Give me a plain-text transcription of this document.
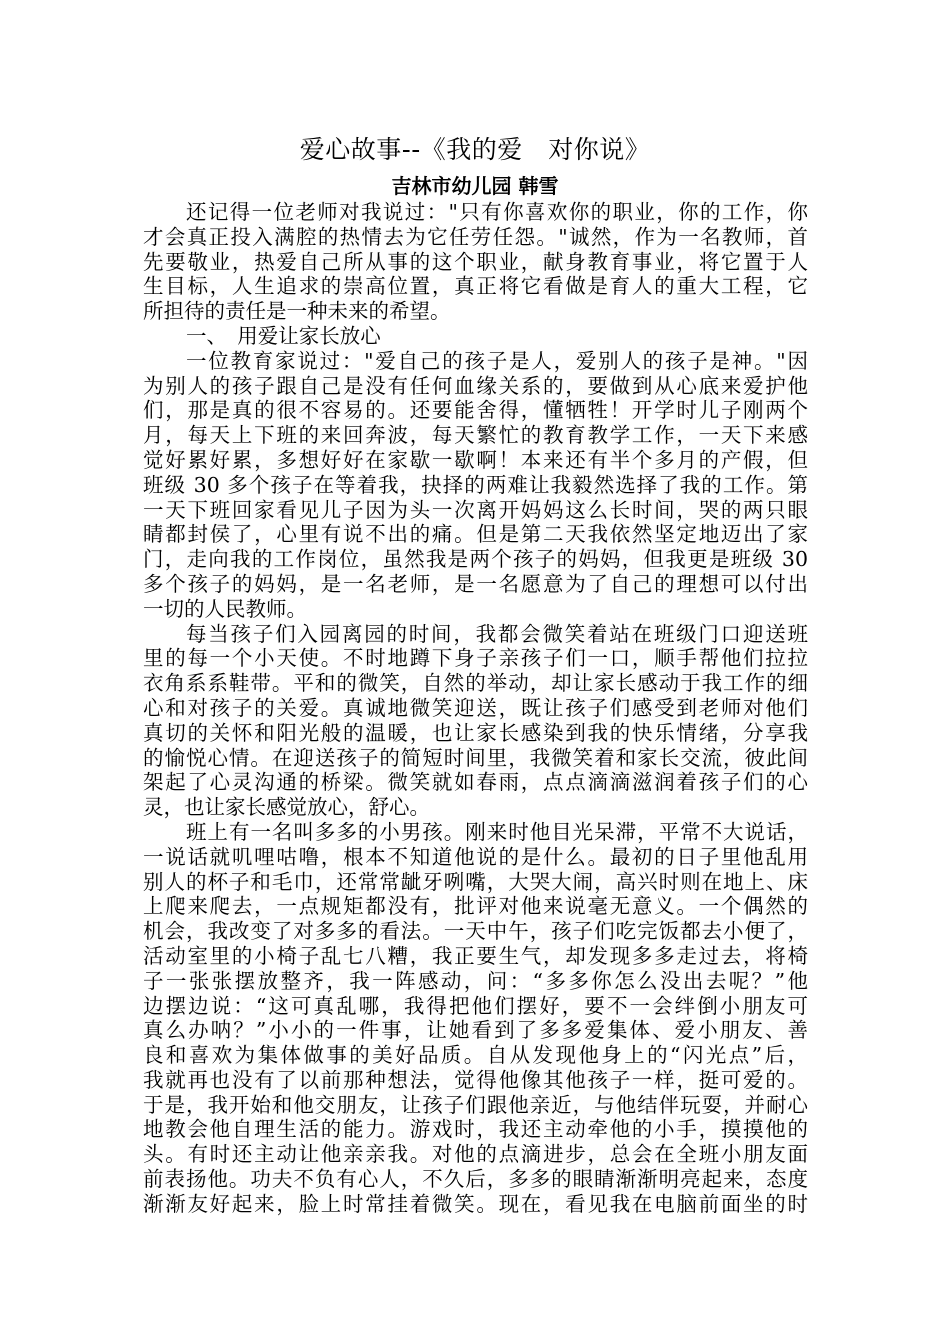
爱心故事--《我的爱　对你说》
吉林市幼儿园 韩雪
还记得一位老师对我说过："只有你喜欢你的职业，你的工作，你
才会真正投入满腔的热情去为它任劳任怨。"诚然，作为一名教师，首
先要敬业，热爱自己所从事的这个职业，献身教育事业，将它置于人
生目标，人生追求的崇高位置，真正将它看做是育人的重大工程，它
所担待的责任是一种未来的希望。
一、　用爱让家长放心
一位教育家说过："爱自己的孩子是人，爱别人的孩子是神。"因
为别人的孩子跟自己是没有任何血缘关系的，要做到从心底来爱护他
们，那是真的很不容易的。还要能舍得，懂牺牲！开学时儿子刚两个
月，每天上下班的来回奔波，每天繁忙的教育教学工作，一天下来感
觉好累好累，多想好好在家歇一歇啊！本来还有半个多月的产假，但
班级 30 多个孩子在等着我，抉择的两难让我毅然选择了我的工作。第
一天下班回家看见儿子因为头一次离开妈妈这么长时间，哭的两只眼
睛都封侯了，心里有说不出的痛。但是第二天我依然坚定地迈出了家
门，走向我的工作岗位，虽然我是两个孩子的妈妈，但我更是班级 30
多个孩子的妈妈，是一名老师，是一名愿意为了自己的理想可以付出
一切的人民教师。
每当孩子们入园离园的时间，我都会微笑着站在班级门口迎送班
里的每一个小天使。不时地蹲下身子亲孩子们一口，顺手帮他们拉拉
衣角系系鞋带。平和的微笑，自然的举动，却让家长感动于我工作的细
心和对孩子的关爱。真诚地微笑迎送，既让孩子们感受到老师对他们
真切的关怀和阳光般的温暖，也让家长感染到我的快乐情绪，分享我
的愉悦心情。在迎送孩子的简短时间里，我微笑着和家长交流，彼此间
架起了心灵沟通的桥梁。微笑就如春雨，点点滴滴滋润着孩子们的心
灵，也让家长感觉放心，舒心。
班上有一名叫多多的小男孩。刚来时他目光呆滞，平常不大说话，
一说话就叽哩咕噜，根本不知道他说的是什么。最初的日子里他乱用
别人的杯子和毛巾，还常常龇牙咧嘴，大哭大闹，高兴时则在地上、床
上爬来爬去，一点规矩都没有，批评对他来说毫无意义。一个偶然的
机会，我改变了对多多的看法。一天中午，孩子们吃完饭都去小便了，
活动室里的小椅子乱七八糟，我正要生气，却发现多多走过去，将椅
子一张张摆放整齐，我一阵感动，问：“多多你怎么没出去呢？”他
边摆边说：“这可真乱哪，我得把他们摆好，要不一会绊倒小朋友可
真么办呐？”小小的一件事，让她看到了多多爱集体、爱小朋友、善
良和喜欢为集体做事的美好品质。自从发现他身上的“闪光点”后，
我就再也没有了以前那种想法，觉得他像其他孩子一样，挺可爱的。
于是，我开始和他交朋友，让孩子们跟他亲近，与他结伴玩耍，并耐心
地教会他自理生活的能力。游戏时，我还主动牵他的小手，摸摸他的
头。有时还主动让他亲亲我。对他的点滴进步，总会在全班小朋友面
前表扬他。功夫不负有心人，不久后，多多的眼睛渐渐明亮起来，态度
渐渐友好起来，脸上时常挂着微笑。现在，看见我在电脑前面坐的时
